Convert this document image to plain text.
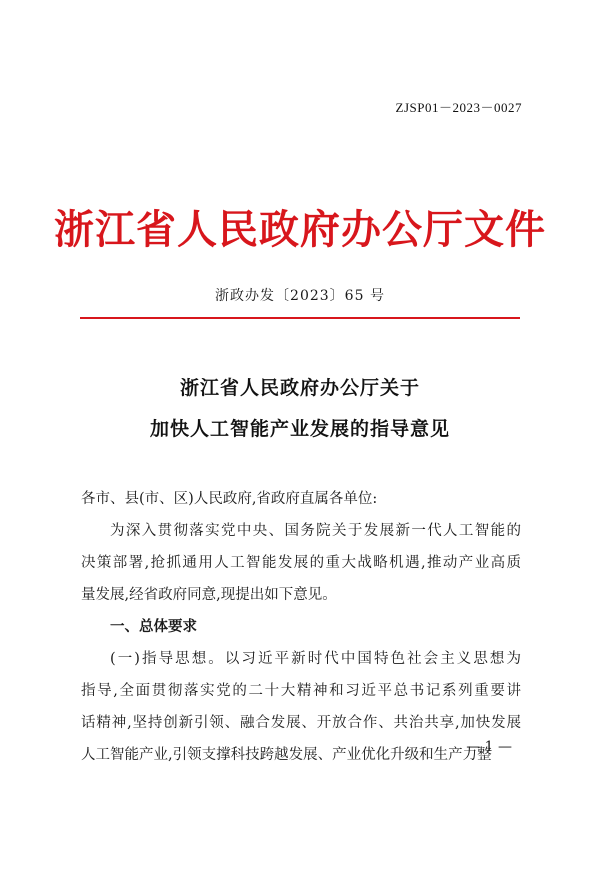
ZJSP01－2023－0027
浙江省人民政府办公厅文件
浙政办发〔2023〕65 号
浙江省人民政府办公厅关于
加快人工智能产业发展的指导意见
各市、县(市、区)人民政府,省政府直属各单位:
为深入贯彻落实党中央、国务院关于发展新一代人工智能的
决策部署,抢抓通用人工智能发展的重大战略机遇,推动产业高质
量发展,经省政府同意,现提出如下意见。
一、总体要求
(一)指导思想。以习近平新时代中国特色社会主义思想为
指导,全面贯彻落实党的二十大精神和习近平总书记系列重要讲
话精神,坚持创新引领、融合发展、开放合作、共治共享,加快发展
人工智能产业,引领支撑科技跨越发展、产业优化升级和生产力整
— 1 —
